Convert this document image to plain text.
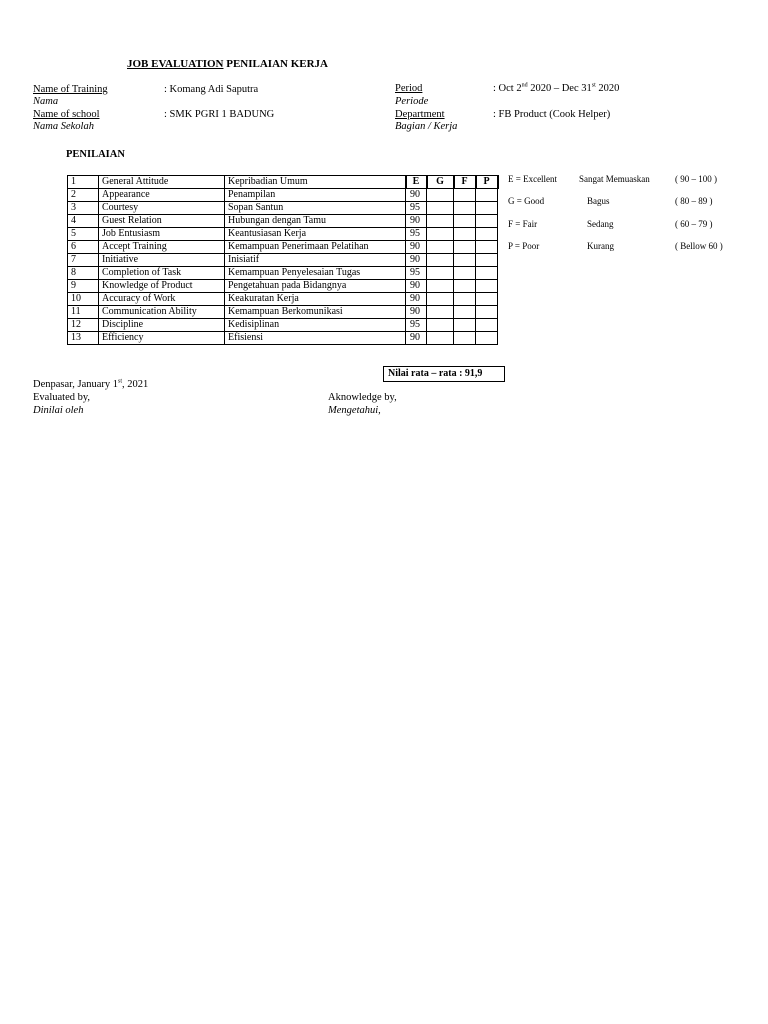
JOB EVALUATION PENILAIAN KERJA
Name of Training
Nama
: Komang Adi Saputra
Name of school
Nama Sekolah
: SMK PGRI 1 BADUNG
Period
Periode
: Oct 2nd 2020 – Dec 31st 2020
Department
Bagian / Kerja
: FB Product (Cook Helper)
PENILAIAN
1	General Attitude	Kepribadian Umum	E	G	F	P
2	Appearance	Penampilan	90			
3	Courtesy	Sopan Santun	95			
4	Guest Relation	Hubungan dengan Tamu	90			
5	Job Entusiasm	Keantusiasan Kerja	95			
6	Accept Training	Kemampuan Penerimaan Pelatihan	90			
7	Initiative	Inisiatif	90			
8	Completion of Task	Kemampuan Penyelesaian Tugas	95			
9	Knowledge of Product	Pengetahuan pada Bidangnya	90			
10	Accuracy of Work	Keakuratan Kerja	90			
11	Communication Ability	Kemampuan Berkomunikasi	90			
12	Discipline	Kedisiplinan	95			
13	Efficiency	Efisiensi	90			
E = Excellent Sangat Memuaskan	( 90 – 100 )
G = Good	Bagus	( 80 – 89 )
F = Fair	Sedang	( 60 – 79 )
P = Poor	Kurang	( Bellow 60 )
Nilai rata – rata : 91,9
Denpasar, January 1st, 2021
Evaluated by,
Dinilai oleh
Aknowledge by,
Mengetahui,
